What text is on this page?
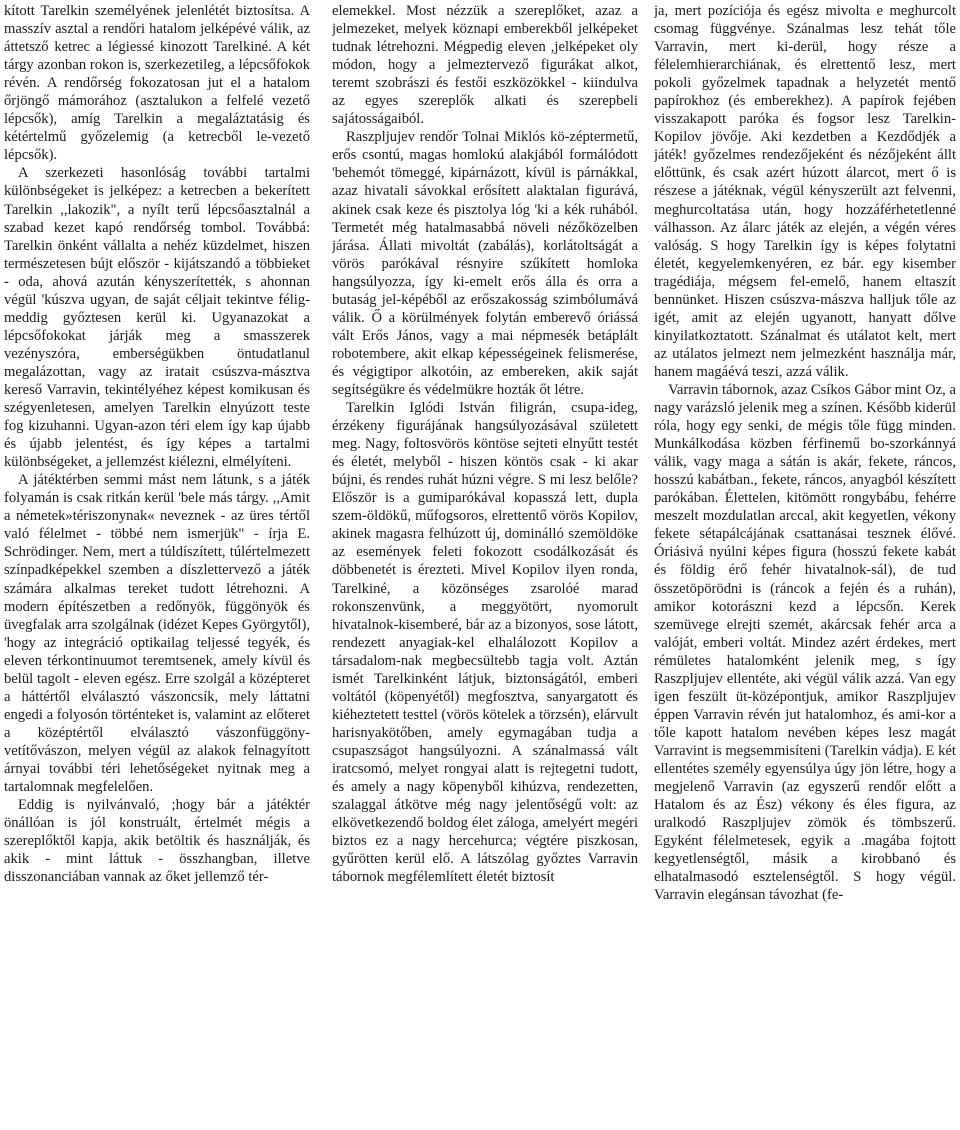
kított Tarelkin személyének jelenlétét biztosítsa. A masszív asztal a rendőri hatalom jelképévé válik, az áttetsző ketrec a légiessé kinozott Tarelkiné. A két tárgy azonban rokon is, szerkezetileg, a lépcsőfokok révén. A rendőrség fokozatosan jut el a hatalom őrjöngő mámorához (asztalukon a felfelé vezető lépcsők), amíg Tarelkin a megaláztatásig és kétértelmű győzelemig (a ketrecből le-vezető lépcsők).

A szerkezeti hasonlóság további tartalmi különbségeket is jelképez: a ketrecben a bekerített Tarelkin ,,lakozik", a nyílt terű lépcsőasztalnál a szabad kezet kapó rendőrség tombol. Továbbá: Tarelkin önként vállalta a nehéz küzdelmet, hiszen természetesen bújt először - kijátszandó a többieket - oda, ahová azután kényszerítették, s ahonnan végül 'kúszva ugyan, de saját céljait tekintve félig-meddig győztesen kerül ki. Ugyanazokat a lépcsőfokokat járják meg a smasszerek vezényszóra, emberségükben öntudatlanul megalázottan, vagy az iratait csúszva-másztva kereső Varravin, tekintélyéhez képest komikusan és szégyenletesen, amelyen Tarelkin elnyúzott teste fog kizuhanni. Ugyan-azon téri elem így kap újabb és újabb jelentést, és így képes a tartalmi különbségeket, a jellemzést kiélezni, elmélyíteni.

A játéktérben semmi mást nem látunk, s a játék folyamán is csak ritkán kerül 'bele más tárgy. ,,Amit a németek»tériszonynak« neveznek - az üres tértől való félelmet - többé nem ismerjük" - írja E. Schrödinger. Nem, mert a túldíszített, túlértelmezett színpadképekkel szemben a díszlettervező a játék számára alkalmas tereket tudott létrehozni. A modern építészetben a redőnyök, függönyök és üvegfalak arra szolgálnak (idézet Kepes Györgytől), 'hogy az integráció optikailag teljessé tegyék, és eleven térkontinuumot teremtsenek, amely kívül és belül tagolt - eleven egész. Erre szolgál a középteret a háttértől elválasztó vászoncsík, mely láttatni engedi a folyosón történteket is, valamint az előteret a középtértől elválasztó vászonfüggöny-vetítővászon, melyen végül az alakok felnagyított árnyai további téri lehetőségeket nyitnak meg a tartalomnak megfelelően.

Eddig is nyilvánvaló, ;hogy bár a játéktér önállóan is jól konstruált, értelmét mégis a szereplőktől kapja, akik betöltik és használják, és akik - mint láttuk - összhangban, illetve disszonanciában vannak az őket jellemző tér-

elemekkel. Most nézzük a szereplőket, azaz a jelmezeket, melyek köznapi emberekből jelképeket tudnak létrehozni. Mégpedig eleven ,jelképeket oly módon, hogy a jelmeztervező figurákat alkot, teremt szobrászi és festői eszközökkel - kiindulva az egyes szereplők alkati és szerepbeli sajátosságaiból.

Raszpljujev rendőr Tolnai Miklós kö-zéptermetű, erős csontú, magas homlokú alakjából formálódott 'behemót tömeggé, kipárnázott, kívül is párnákkal, azaz hivatali sávokkal erősített alaktalan figurává, akinek csak keze és pisztolya lóg 'ki a kék ruhából. Termetét még hatalmasabbá növeli nézőközelben járása. Állati mivoltát (zabálás), korlátoltságát a vörös parókával résnyire szűkített homloka hangsúlyozza, így ki-emelt erős álla és orra a butaság jel-képéből az erőszakosság szimbólumává válik. Ő a körülmények folytán emberevő óriássá vált Erős János, vagy a mai népmesék betáplált robotembere, akit elkap képességeinek felismerése, és végigtipor alkotóin, az embereken, akik saját segítségükre és védelmükre hozták őt létre.

Tarelkin Iglódi István filigrán, csupa-ideg, érzékeny figurájának hangsúlyozásával született meg. Nagy, foltosvörös köntöse sejteti elnyűtt testét és életét, melyből - hiszen köntös csak - ki akar bújni, és rendes ruhát húzni végre. S mi lesz belőle? Először is a gumiparókával kopasszá lett, dupla szem-öldökű, műfogsoros, elrettentő vörös Kopilov, akinek magasra felhúzott új, dominálló szemöldöke az események feleti fokozott csodálkozását és döbbenetét is érezteti. Mivel Kopilov ilyen ronda, Tarelkiné, a közönséges zsarolóé marad rokonszenvünk, a meggyötört, nyomorult hivatalnok-kisemberé, bár az a bizonyos, sose látott, rendezett anyagiak-kel elhalálozott Kopilov a társadalom-nak megbecsültebb tagja volt. Aztán ismét Tarelkinként látjuk, biztonságától, emberi voltától (köpenyétől) megfosztva, sanyargatott és kiéheztetett testtel (vörös kötelek a törzsén), elárvult harisnyakötőben, amely egymagában tudja a csupaszságot hangsúlyozni. A szánalmassá vált iratcsomó, melyet rongyai alatt is rejtegetni tudott, és amely a nagy köpenyből kihúzva, rendezetten, szalaggal átkötve még nagy jelentőségű volt: az elkövetkezendő boldog élet zálogа, amelyért megéri biztos ez a nagy hercehurca; végtére piszkosan, gyűrötten kerül elő. A látszólag győztes Varravin tábornok megfélemlített életét biztosít

ja, mert pozíciója és egész mivolta e meghurcolt csomag függvénye. Szánalmas lesz tehát tőle Varravin, mert ki-derül, hogy része a félelemhierarchiának, és elrettentő lesz, mert pokoli győzelmek tapadnak a helyzetét mentő papírokhoz (és emberekhez). A papírok fejében visszakapott paróka és fogsor lesz Tarelkin-Kopilov jövője. Aki kezdetben a Kezdődjék a játék! győzelmes rendezőjeként és nézőjeként állt előttünk, és csak azért húzott álarcot, mert ő is részese a játéknak, végül kényszerült azt felvenni, meghurcoltatása után, hogy hozzáférhetetlenné válhasson. Az álarc játék az elején, a végén véres valóság. S hogy Tarelkin így is képes folytatni életét, kegyelemkenyéren, ez bár. egy kisember tragédiája, mégsem fel-emelő, hanem eltaszít bennünket. Hiszen csúszva-mászva halljuk tőle az igét, amit az elején ugyanott, hanyatt dőlve kinyilatkoztatott. Szánalmat és utálatot kelt, mert az utálatos jelmezt nem jelmezként használja már, hanem magáévá teszi, azzá válik.

Varravin tábornok, azaz Csíkos Gábor mint Oz, a nagy varázsló jelenik meg a színen. Később kiderül róla, hogy egy senki, de mégis tőle függ minden. Munkálkodása közben férfinemű bo-szorkánnyá válik, vagy maga a sátán is akár, fekete, ráncos, hosszú kabátban., fekete, ráncos, anyagból készített parókában. Élettelen, kitömött rongybábu, fehérre meszelt mozdulatlan arccal, akit kegyetlen, vékony fekete sétapálcájának csattanásai tesznek élővé. Óriásivá nyúlni képes figura (hosszú fekete kabát és földig érő fehér hivatalnok-sál), de tud összetöpörödni is (ráncok a fején és a ruhán), amikor kotorászni kezd a lépcsőn. Kerek szemüvege elrejti szemét, akárcsak fehér arca a valóját, emberi voltát. Mindez azért érdekes, mert rémületes hatalomként jelenik meg, s így Raszpljujev ellentéte, aki végül válik azzá. Van egy igen feszült üt-középontjuk, amikor Raszpljujev éppen Varravin révén jut hatalomhoz, és ami-kor a tőle kapott hatalom nevében képes lesz magát Varravint is megsemmisíteni (Tarelkin vádja). E két ellentétes személy egyensúlya úgy jön létre, hogy a megjelenő Varravin (az egyszerű rendőr előtt a Hatalom és az Ész) vékony és éles figura, az uralkodó Raszpljujev zömök és tömbszerű. Egyként félelmetesek, egyik a .magába fojtott kegyetlenségtől, másik a kirobbanó és elhatalmasodó esztelenségtől. S hogy végül. Varravin elegánsan távozhat (fe-
